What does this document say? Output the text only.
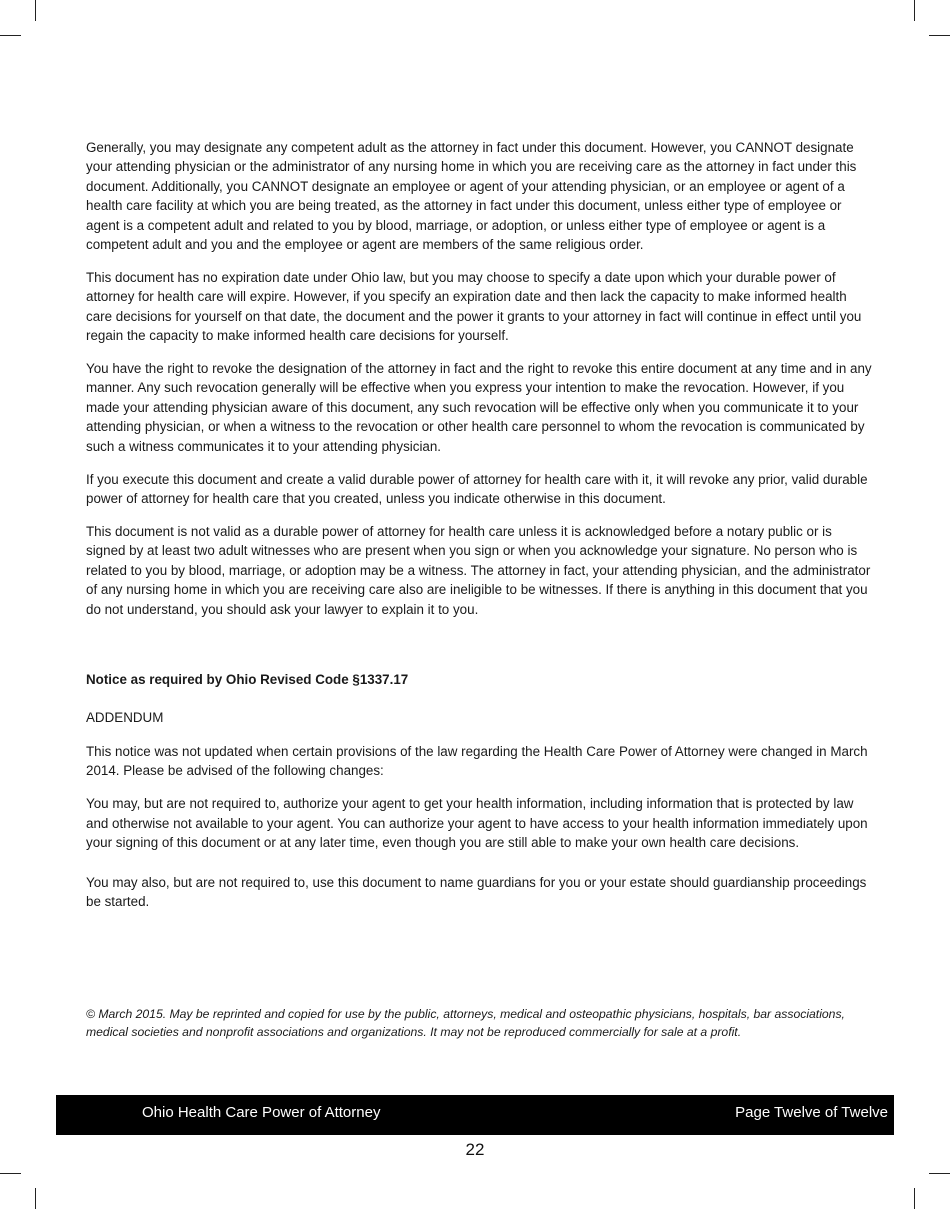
Generally, you may designate any competent adult as the attorney in fact under this document. However, you CANNOT designate your attending physician or the administrator of any nursing home in which you are receiving care as the attorney in fact under this document. Additionally, you CANNOT designate an employee or agent of your attending physician, or an employee or agent of a health care facility at which you are being treated, as the attorney in fact under this document, unless either type of employee or agent is a competent adult and related to you by blood, marriage, or adoption, or unless either type of employee or agent is a competent adult and you and the employee or agent are members of the same religious order.

This document has no expiration date under Ohio law, but you may choose to specify a date upon which your durable power of attorney for health care will expire. However, if you specify an expiration date and then lack the capacity to make informed health care decisions for yourself on that date, the document and the power it grants to your attorney in fact will continue in effect until you regain the capacity to make informed health care decisions for yourself.

You have the right to revoke the designation of the attorney in fact and the right to revoke this entire document at any time and in any manner. Any such revocation generally will be effective when you express your intention to make the revocation. However, if you made your attending physician aware of this document, any such revocation will be effective only when you communicate it to your attending physician, or when a witness to the revocation or other health care personnel to whom the revocation is communicated by such a witness communicates it to your attending physician.

If you execute this document and create a valid durable power of attorney for health care with it, it will revoke any prior, valid durable power of attorney for health care that you created, unless you indicate otherwise in this document.

This document is not valid as a durable power of attorney for health care unless it is acknowledged before a notary public or is signed by at least two adult witnesses who are present when you sign or when you acknowledge your signature. No person who is related to you by blood, marriage, or adoption may be a witness. The attorney in fact, your attending physician, and the administrator of any nursing home in which you are receiving care also are ineligible to be witnesses. If there is anything in this document that you do not understand, you should ask your lawyer to explain it to you.

Notice as required by Ohio Revised Code §1337.17

ADDENDUM

This notice was not updated when certain provisions of the law regarding the Health Care Power of Attorney were changed in March 2014. Please be advised of the following changes:

You may, but are not required to, authorize your agent to get your health information, including information that is protected by law and otherwise not available to your agent. You can authorize your agent to have access to your health information immediately upon your signing of this document or at any later time, even though you are still able to make your own health care decisions.

You may also, but are not required to, use this document to name guardians for you or your estate should guardianship proceedings be started.

© March 2015. May be reprinted and copied for use by the public, attorneys, medical and osteopathic physicians, hospitals, bar associations, medical societies and nonprofit associations and organizations. It may not be reproduced commercially for sale at a profit.

Ohio Health Care Power of Attorney	Page Twelve of Twelve
22
